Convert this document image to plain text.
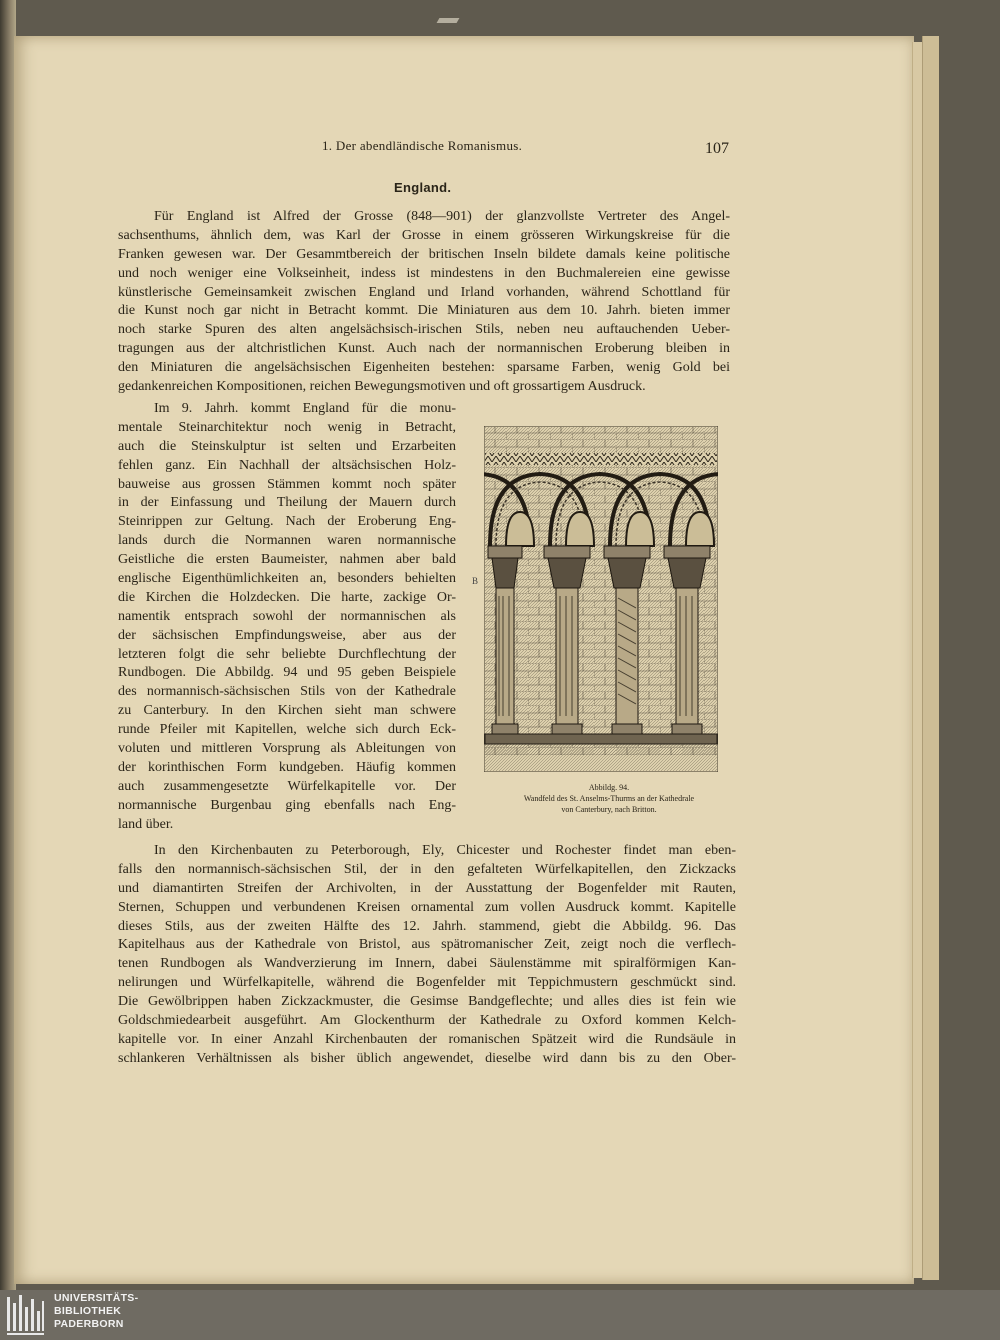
1. Der abendländische Romanismus.	107
England.
Für England ist Alfred der Grosse (848—901) der glanzvollste Vertreter des Angel-
sachsenthums, ähnlich dem, was Karl der Grosse in einem grösseren Wirkungskreise für die
Franken gewesen war. Der Gesammtbereich der britischen Inseln bildete damals keine politische
und noch weniger eine Volkseinheit, indess ist mindestens in den Buchmalereien eine gewisse
künstlerische Gemeinsamkeit zwischen England und Irland vorhanden, während Schottland für
die Kunst noch gar nicht in Betracht kommt. Die Miniaturen aus dem 10. Jahrh. bieten immer
noch starke Spuren des alten angelsächsisch-irischen Stils, neben neu auftauchenden Ueber-
tragungen aus der altchristlichen Kunst. Auch nach der normannischen Eroberung bleiben in
den Miniaturen die angelsächsischen Eigenheiten bestehen: sparsame Farben, wenig Gold bei
gedankenreichen Kompositionen, reichen Bewegungsmotiven und oft grossartigem Ausdruck.
Im 9. Jahrh. kommt England für die monu-
mentale Steinarchitektur noch wenig in Betracht,
auch die Steinskulptur ist selten und Erzarbeiten
fehlen ganz. Ein Nachhall der altsächsischen Holz-
bauweise aus grossen Stämmen kommt noch später
in der Einfassung und Theilung der Mauern durch
Steinrippen zur Geltung. Nach der Eroberung Eng-
lands durch die Normannen waren normannische
Geistliche die ersten Baumeister, nahmen aber bald
englische Eigenthümlichkeiten an, besonders behielten
die Kirchen die Holzdecken. Die harte, zackige Or-
namentik entsprach sowohl der normannischen als
der sächsischen Empfindungsweise, aber aus der
letzteren folgt die sehr beliebte Durchflechtung der
Rundbogen. Die Abbildg. 94 und 95 geben Beispiele
des normannisch-sächsischen Stils von der Kathedrale
zu Canterbury. In den Kirchen sieht man schwere
runde Pfeiler mit Kapitellen, welche sich durch Eck-
voluten und mittleren Vorsprung als Ableitungen von
der korinthischen Form kundgeben. Häufig kommen
auch zusammengesetzte Würfelkapitelle vor. Der
normannische Burgenbau ging ebenfalls nach Eng-
land über.
B
Abbildg. 94.
Wandfeld des St. Anselms-Thurms an der Kathedrale
von Canterbury, nach Britton.
In den Kirchenbauten zu Peterborough, Ely, Chicester und Rochester findet man eben-
falls den normannisch-sächsischen Stil, der in den gefalteten Würfelkapitellen, den Zickzacks
und diamantirten Streifen der Archivolten, in der Ausstattung der Bogenfelder mit Rauten,
Sternen, Schuppen und verbundenen Kreisen ornamental zum vollen Ausdruck kommt. Kapitelle
dieses Stils, aus der zweiten Hälfte des 12. Jahrh. stammend, giebt die Abbildg. 96. Das
Kapitelhaus aus der Kathedrale von Bristol, aus spätromanischer Zeit, zeigt noch die verflech-
tenen Rundbogen als Wandverzierung im Innern, dabei Säulenstämme mit spiralförmigen Kan-
nelirungen und Würfelkapitelle, während die Bogenfelder mit Teppichmustern geschmückt sind.
Die Gewölbrippen haben Zickzackmuster, die Gesimse Bandgeflechte; und alles dies ist fein wie
Goldschmiedearbeit ausgeführt. Am Glockenthurm der Kathedrale zu Oxford kommen Kelch-
kapitelle vor. In einer Anzahl Kirchenbauten der romanischen Spätzeit wird die Rundsäule in
schlankeren Verhältnissen als bisher üblich angewendet, dieselbe wird dann bis zu den Ober-
UNIVERSITÄTS-
BIBLIOTHEK
PADERBORN
